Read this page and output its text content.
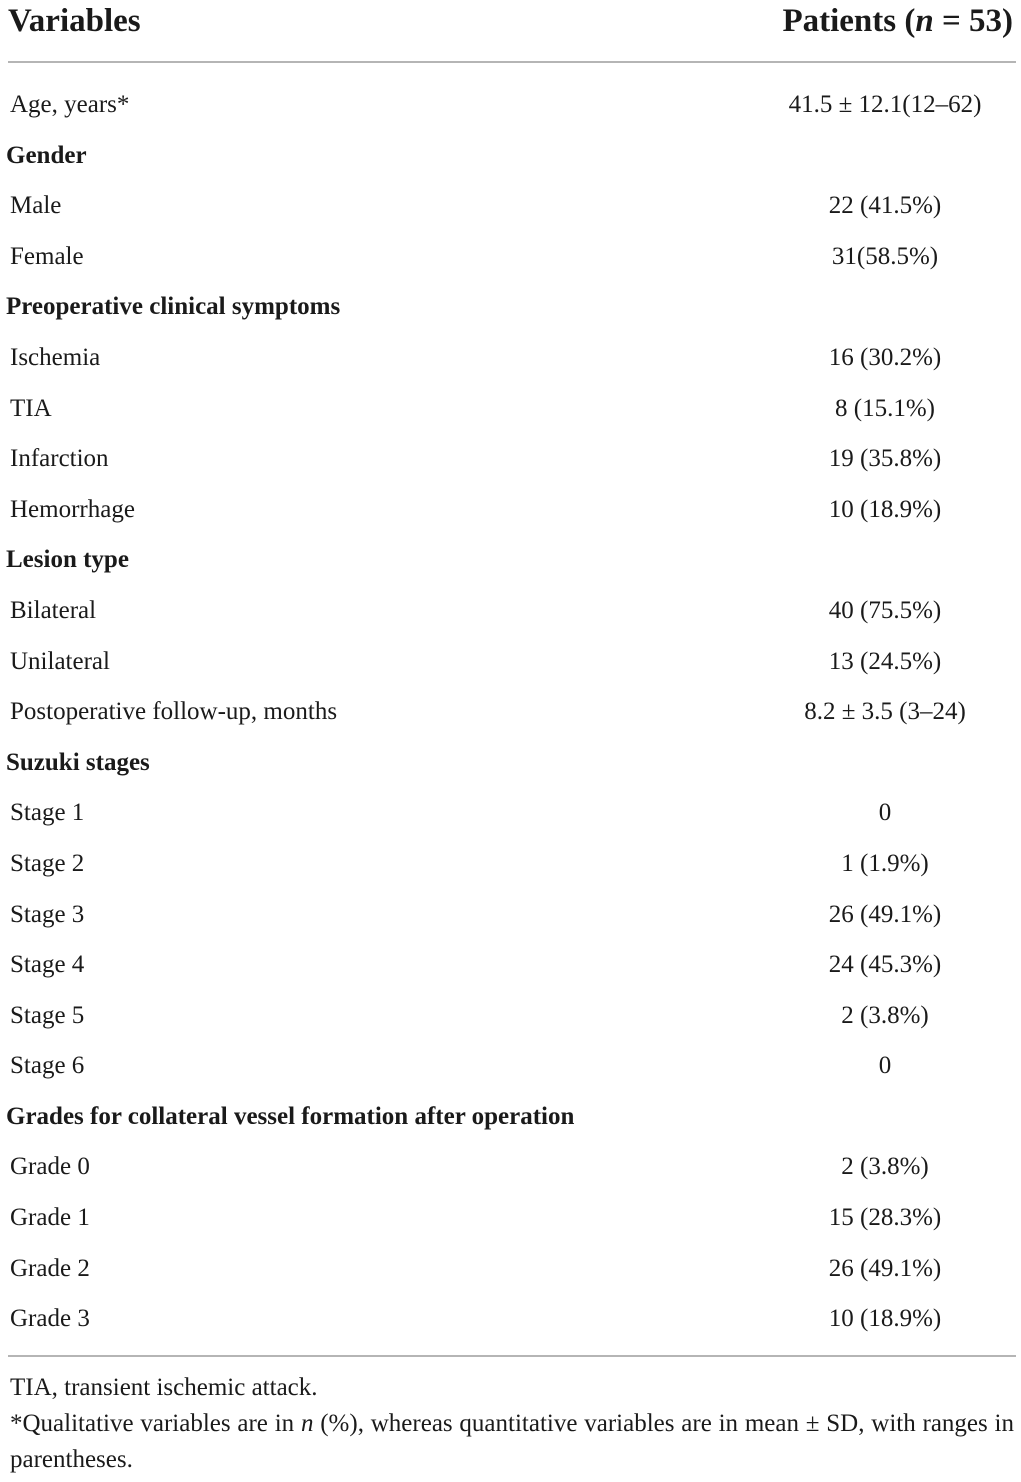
Variables	Patients (n = 53)
Age, years*	41.5 ± 12.1(12–62)
Gender
Male	22 (41.5%)
Female	31(58.5%)
Preoperative clinical symptoms
Ischemia	16 (30.2%)
TIA	8 (15.1%)
Infarction	19 (35.8%)
Hemorrhage	10 (18.9%)
Lesion type
Bilateral	40 (75.5%)
Unilateral	13 (24.5%)
Postoperative follow-up, months	8.2 ± 3.5 (3–24)
Suzuki stages
Stage 1	0
Stage 2	1 (1.9%)
Stage 3	26 (49.1%)
Stage 4	24 (45.3%)
Stage 5	2 (3.8%)
Stage 6	0
Grades for collateral vessel formation after operation
Grade 0	2 (3.8%)
Grade 1	15 (28.3%)
Grade 2	26 (49.1%)
Grade 3	10 (18.9%)
TIA, transient ischemic attack.
*Qualitative variables are in n (%), whereas quantitative variables are in mean ± SD, with ranges in parentheses.
